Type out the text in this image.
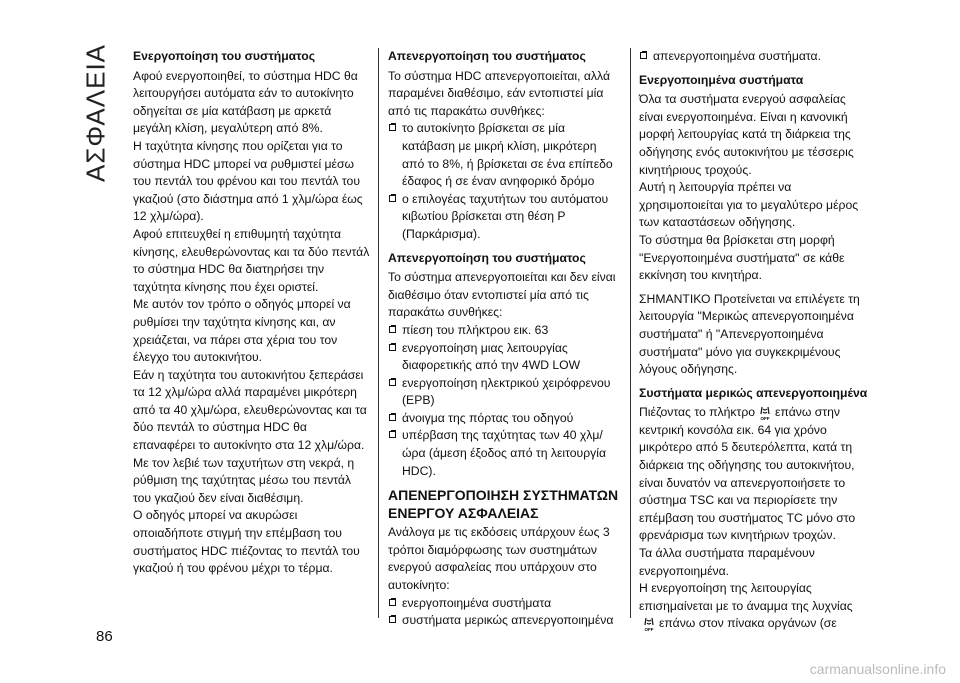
ΑΣΦΑΛΕΙΑ Ενεργοποίηση του συστήματος

Αφού ενεργοποιηθεί, το σύστημα HDC θα λειτουργήσει αυτόματα εάν το αυτοκίνητο οδηγείται σε μία κατάβαση με αρκετά μεγάλη κλίση, μεγαλύτερη από 8%.

Η ταχύτητα κίνησης που ορίζεται για το σύστημα HDC μπορεί να ρυθμιστεί μέσω του πεντάλ του φρένου και του πεντάλ του γκαζιού (στο διάστημα από 1 χλμ/ώρα έως 12 χλμ/ώρα).

Αφού επιτευχθεί η επιθυμητή ταχύτητα κίνησης, ελευθερώνοντας και τα δύο πεντάλ το σύστημα HDC θα διατηρήσει την ταχύτητα κίνησης που έχει οριστεί.

Με αυτόν τον τρόπο ο οδηγός μπορεί να ρυθμίσει την ταχύτητα κίνησης και, αν χρειάζεται, να πάρει στα χέρια του τον έλεγχο του αυτοκινήτου.

Εάν η ταχύτητα του αυτοκινήτου ξεπεράσει τα 12 χλμ/ώρα αλλά παραμένει μικρότερη από τα 40 χλμ/ώρα, ελευθερώνοντας και τα δύο πεντάλ το σύστημα HDC θα επαναφέρει το αυτοκίνητο στα 12 χλμ/ώρα.

Με τον λεβιέ των ταχυτήτων στη νεκρά, η ρύθμιση της ταχύτητας μέσω του πεντάλ του γκαζιού δεν είναι διαθέσιμη.

Ο οδηγός μπορεί να ακυρώσει οποιαδήποτε στιγμή την επέμβαση του συστήματος HDC πιέζοντας το πεντάλ του γκαζιού ή του φρένου μέχρι το τέρμα.

Απενεργοποίηση του συστήματος

Το σύστημα HDC απενεργοποιείται, αλλά παραμένει διαθέσιμο, εάν εντοπιστεί μία από τις παρακάτω συνθήκες:

το αυτοκίνητο βρίσκεται σε μία κατάβαση με μικρή κλίση, μικρότερη από το 8%, ή βρίσκεται σε ένα επίπεδο έδαφος ή σε έναν ανηφορικό δρόμο

ο επιλογέας ταχυτήτων του αυτόματου κιβωτίου βρίσκεται στη θέση P (Παρκάρισμα).

Απενεργοποίηση του συστήματος

Το σύστημα απενεργοποιείται και δεν είναι διαθέσιμο όταν εντοπιστεί μία από τις παρακάτω συνθήκες:

πίεση του πλήκτρου εικ. 63

ενεργοποίηση μιας λειτουργίας διαφορετικής από την 4WD LOW

ενεργοποίηση ηλεκτρικού χειρόφρενου (EPB)

άνοιγμα της πόρτας του οδηγού

υπέρβαση της ταχύτητας των 40 χλμ/ώρα (άμεση έξοδος από τη λειτουργία HDC).

ΑΠΕΝΕΡΓΟΠΟΙΗΣΗ ΣΥΣΤΗΜΑΤΩΝ ΕΝΕΡΓΟΥ ΑΣΦΑΛΕΙΑΣ

Ανάλογα με τις εκδόσεις υπάρχουν έως 3 τρόποι διαμόρφωσης των συστημάτων ενεργού ασφαλείας που υπάρχουν στο αυτοκίνητο:

ενεργοποιημένα συστήματα

συστήματα μερικώς απενεργοποιημένα

απενεργοποιημένα συστήματα.

Ενεργοποιημένα συστήματα

Όλα τα συστήματα ενεργού ασφαλείας είναι ενεργοποιημένα. Είναι η κανονική μορφή λειτουργίας κατά τη διάρκεια της οδήγησης ενός αυτοκινήτου με τέσσερις κινητήριους τροχούς.

Αυτή η λειτουργία πρέπει να χρησιμοποιείται για το μεγαλύτερο μέρος των καταστάσεων οδήγησης.

Το σύστημα θα βρίσκεται στη μορφή "Ενεργοποιημένα συστήματα" σε κάθε εκκίνηση του κινητήρα.

ΣΗΜΑΝΤΙΚΟ Προτείνεται να επιλέγετε τη λειτουργία "Μερικώς απενεργοποιημένα συστήματα" ή "Απενεργοποιημένα συστήματα" μόνο για συγκεκριμένους λόγους οδήγησης.

Συστήματα μερικώς απενεργοποιημένα

Πιέζοντας το πλήκτρο OFF επάνω στην κεντρική κονσόλα εικ. 64 για χρόνο μικρότερο από 5 δευτερόλεπτα, κατά τη διάρκεια της οδήγησης του αυτοκινήτου, είναι δυνατόν να απενεργοποιήσετε το σύστημα TSC και να περιορίσετε την επέμβαση του συστήματος TC μόνο στο φρενάρισμα των κινητήριων τροχών.

Τα άλλα συστήματα παραμένουν ενεργοποιημένα.

Η ενεργοποίηση της λειτουργίας επισημαίνεται με το άναμμα της λυχνίας

OFF επάνω στον πίνακα οργάνων (σε

86
carmanualsonline.info
